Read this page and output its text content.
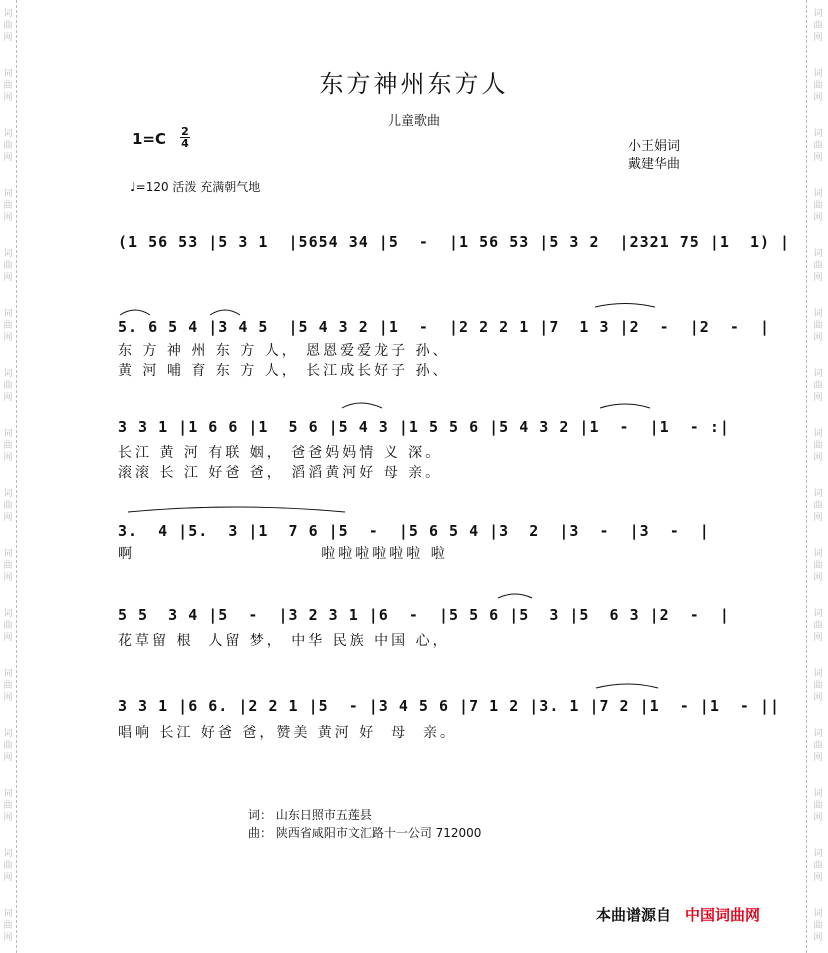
词
曲
网
词
曲
网
词
曲
网
词
曲
网
词
曲
网
词
曲
网
词
曲
网
词
曲
网
词
曲
网
词
曲
网
词
曲
网
词
曲
网
词
曲
网
词
曲
网
词
曲
网
词
曲
网
词
曲
网
词
曲
网
词
曲
网
词
曲
网
词
曲
网
词
曲
网
词
曲
网
词
曲
网
词
曲
网
词
曲
网
词
曲
网
词
曲
网
词
曲
网
词
曲
网
词
曲
网
词
曲
网
东方神州东方人
儿童歌曲
1=C 2
4	小王娟词
戴建华曲
♩=120 活泼 充满朝气地
(1 56 53 |5 3 1  |5654 34 |5  -  |1 56 53 |5 3 2  |2321 75 |1  1) |
5. 6 5 4 |3 4 5  |5 4 3 2 |1  -  |2 2 2 1 |7  1 3 |2  -  |2  -  |
东 方 神 州 东 方 人， 恩恩爱爱龙子 孙、
黄 河 哺 育 东 方 人， 长江成长好子 孙、
3 3 1 |1 6 6 |1  5 6 |5 4 3 |1 5 5 6 |5 4 3 2 |1  -  |1  - :|
长江 黄 河 有联 姻， 爸爸妈妈情 义 深。
滚滚 长 江 好爸 爸， 滔滔黄河好 母 亲。
3.  4 |5.  3 |1  7 6 |5  -  |5 6 5 4 |3  2  |3  -  |3  -  |
啊                         啦啦啦啦啦啦 啦
5 5  3 4 |5  -  |3 2 3 1 |6  -  |5 5 6 |5  3 |5  6 3 |2  -  |
花草留 根  人留 梦， 中华 民族 中国 心，
3 3 1 |6 6. |2 2 1 |5  - |3 4 5 6 |7 1 2 |3. 1 |7 2 |1  - |1  - ||
唱响 长江 好爸 爸，赞美 黄河 好  母  亲。
词： 山东日照市五莲县
曲： 陕西省咸阳市文汇路十一公司 712000
本曲谱源自 中国词曲网
